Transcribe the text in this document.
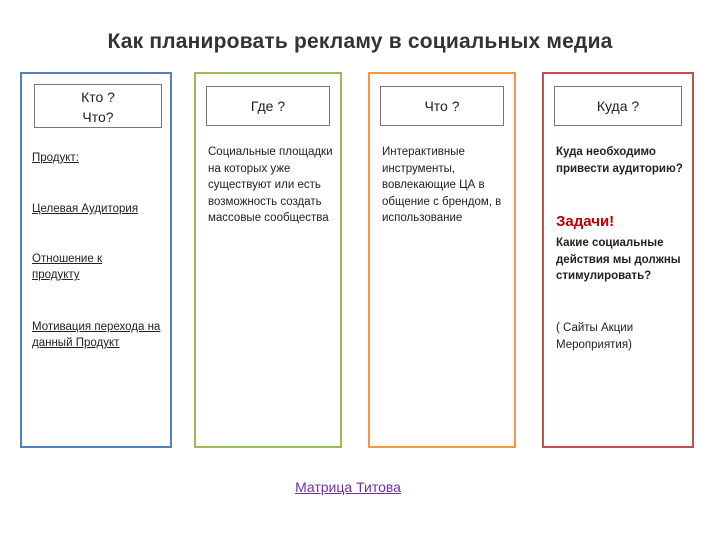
Как планировать рекламу в социальных медиа
Кто ?
Что?
Продукт:
Целевая Аудитория
Отношение к продукту
Мотивация перехода на данный Продукт
Где ?
Социальные площадки на которых уже существуют или есть возможность создать массовые сообщества
Что ?
Интерактивные инструменты, вовлекающие ЦА в общение с брендом, в использование
Куда ?
Куда необходимо привести аудиторию?
Задачи!
Какие социальные действия мы должны стимулировать?
( Сайты Акции Мероприятия)
Матрица Титова
